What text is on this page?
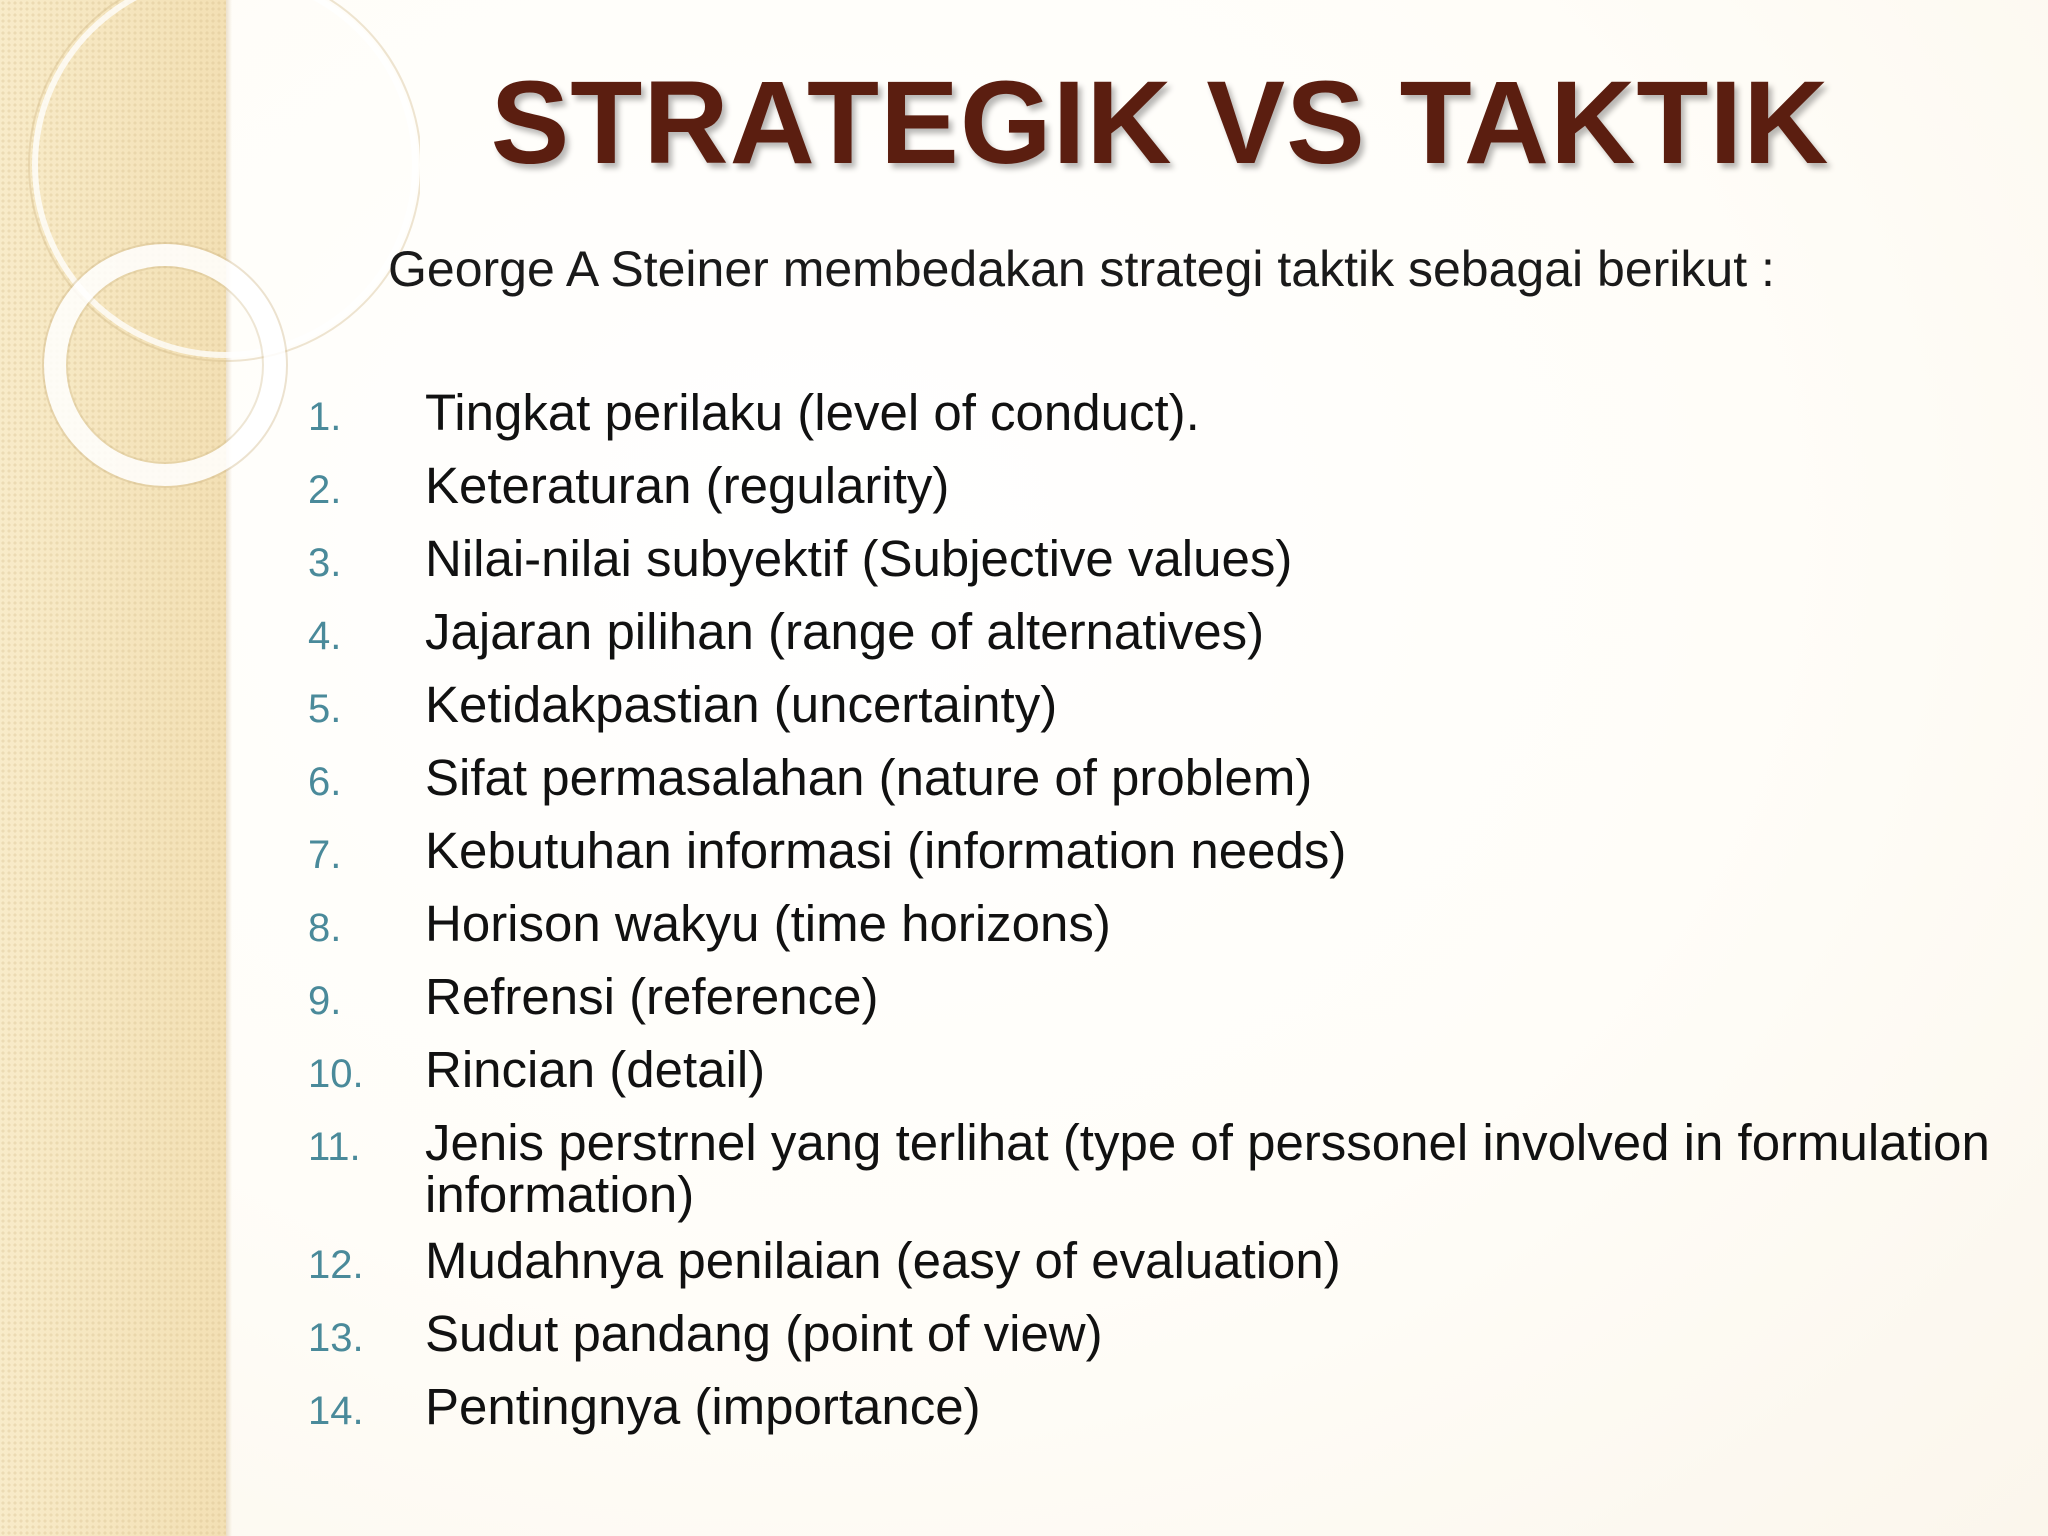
STRATEGIK VS TAKTIK
George A Steiner membedakan strategi taktik sebagai berikut :
1.	Tingkat perilaku (level of conduct).
2.	Keteraturan (regularity)
3.	Nilai-nilai subyektif (Subjective values)
4.	Jajaran pilihan (range of alternatives)
5.	Ketidakpastian (uncertainty)
6.	Sifat permasalahan (nature of problem)
7.	Kebutuhan informasi (information needs)
8.	Horison wakyu (time horizons)
9.	Refrensi (reference)
10.	Rincian (detail)
11.	Jenis perstrnel yang terlihat (type of perssonel involved in formulation information)
12.	Mudahnya penilaian (easy of evaluation)
13.	Sudut pandang (point of view)
14.	Pentingnya (importance)
